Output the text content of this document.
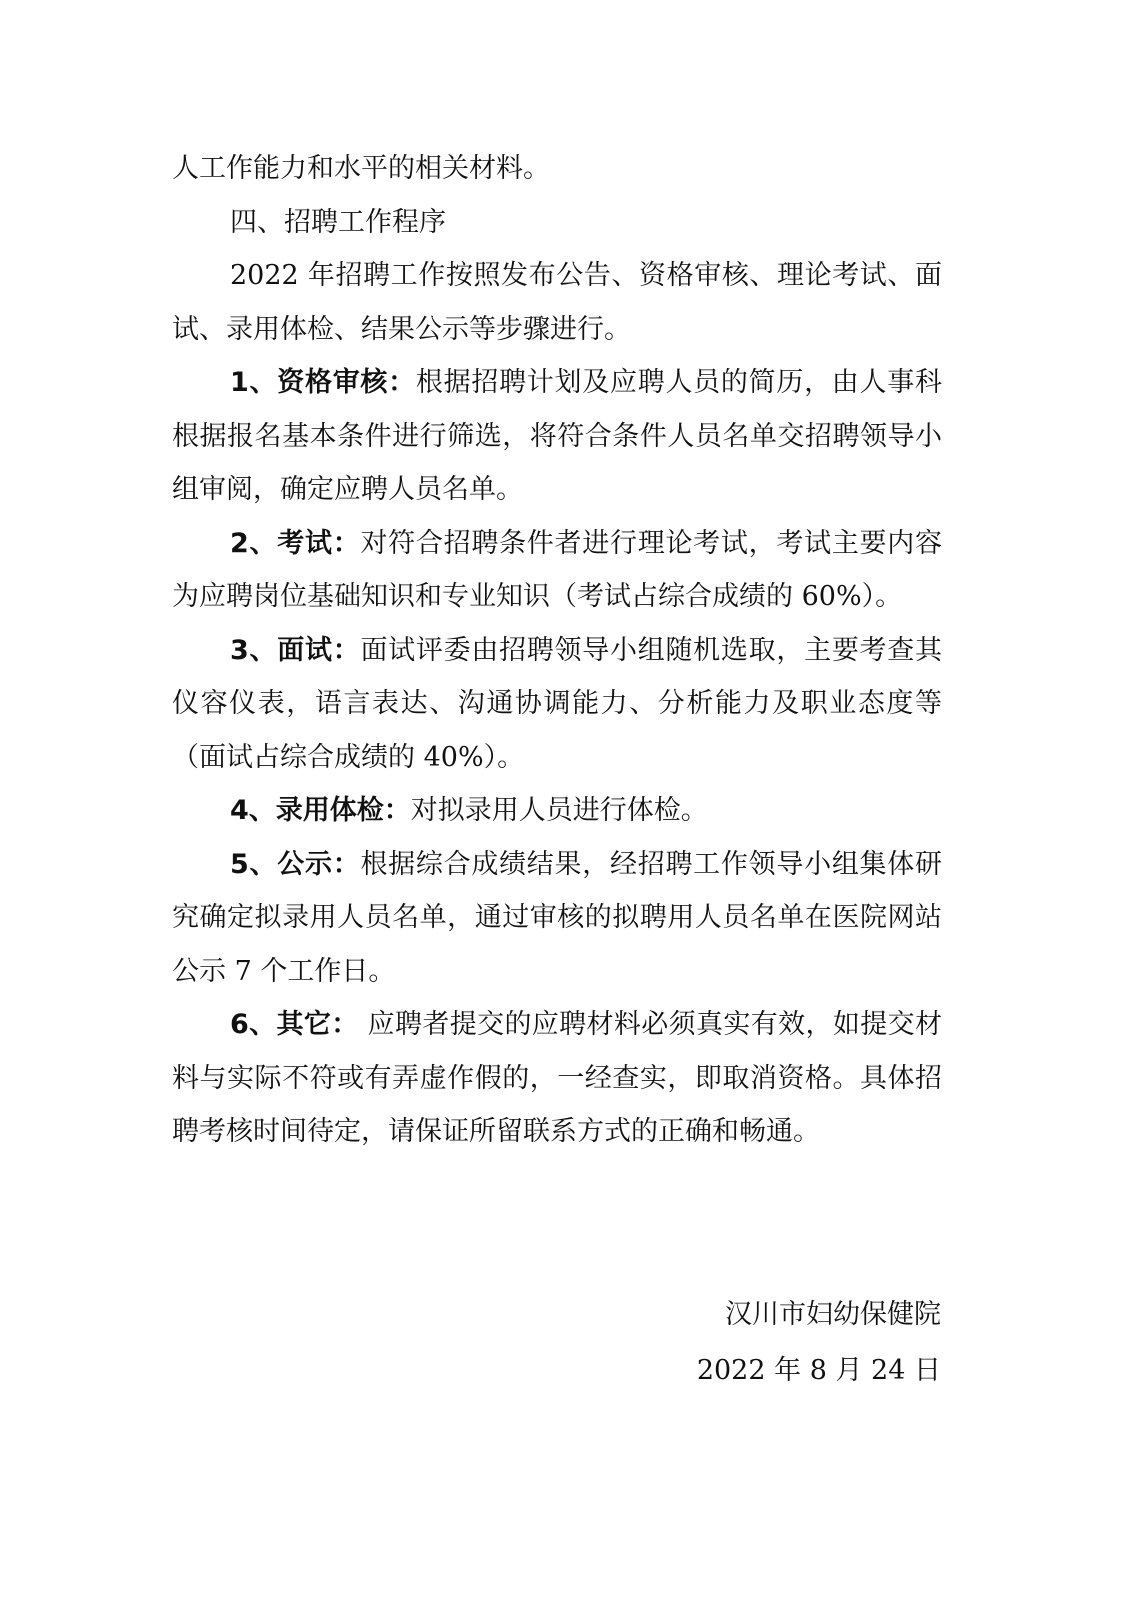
人工作能力和水平的相关材料。

四、招聘工作程序

2022 年招聘工作按照发布公告、资格审核、理论考试、面试、录用体检、结果公示等步骤进行。

1、资格审核：根据招聘计划及应聘人员的简历，由人事科根据报名基本条件进行筛选，将符合条件人员名单交招聘领导小组审阅，确定应聘人员名单。

2、考试：对符合招聘条件者进行理论考试，考试主要内容为应聘岗位基础知识和专业知识（考试占综合成绩的 60%）。

3、面试：面试评委由招聘领导小组随机选取，主要考查其仪容仪表，语言表达、沟通协调能力、分析能力及职业态度等（面试占综合成绩的 40%）。

4、录用体检：对拟录用人员进行体检。

5、公示：根据综合成绩结果，经招聘工作领导小组集体研究确定拟录用人员名单，通过审核的拟聘用人员名单在医院网站公示 7 个工作日。

6、其它： 应聘者提交的应聘材料必须真实有效，如提交材料与实际不符或有弄虚作假的，一经查实，即取消资格。具体招聘考核时间待定，请保证所留联系方式的正确和畅通。

汉川市妇幼保健院
2022 年 8 月 24 日
